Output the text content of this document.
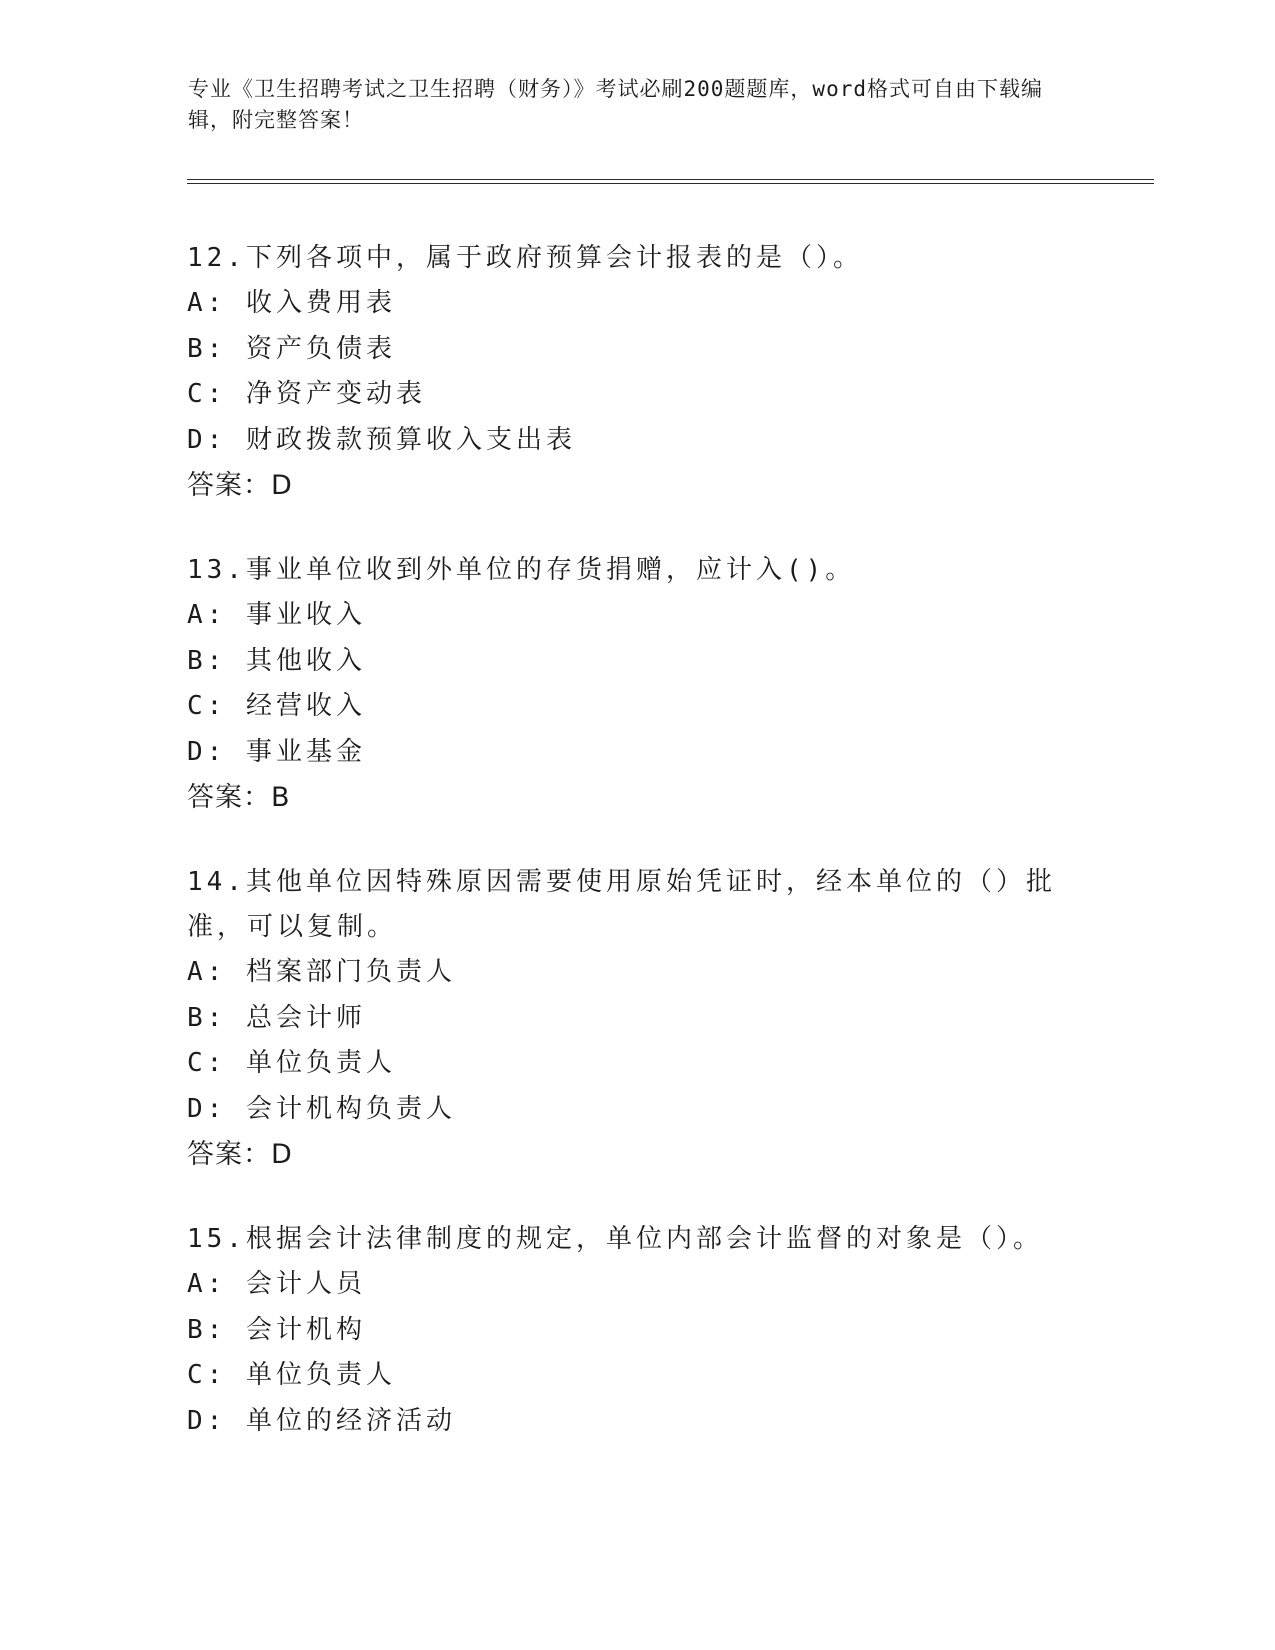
专业《卫生招聘考试之卫生招聘（财务）》考试必刷200题题库，word格式可自由下载编辑，附完整答案！
12.下列各项中，属于政府预算会计报表的是（）。
A: 收入费用表
B: 资产负债表
C: 净资产变动表
D: 财政拨款预算收入支出表
答案：D
13.事业单位收到外单位的存货捐赠，应计入()。
A: 事业收入
B: 其他收入
C: 经营收入
D: 事业基金
答案：B
14.其他单位因特殊原因需要使用原始凭证时，经本单位的（）批准，可以复制。
A: 档案部门负责人
B: 总会计师
C: 单位负责人
D: 会计机构负责人
答案：D
15.根据会计法律制度的规定，单位内部会计监督的对象是（）。
A: 会计人员
B: 会计机构
C: 单位负责人
D: 单位的经济活动
